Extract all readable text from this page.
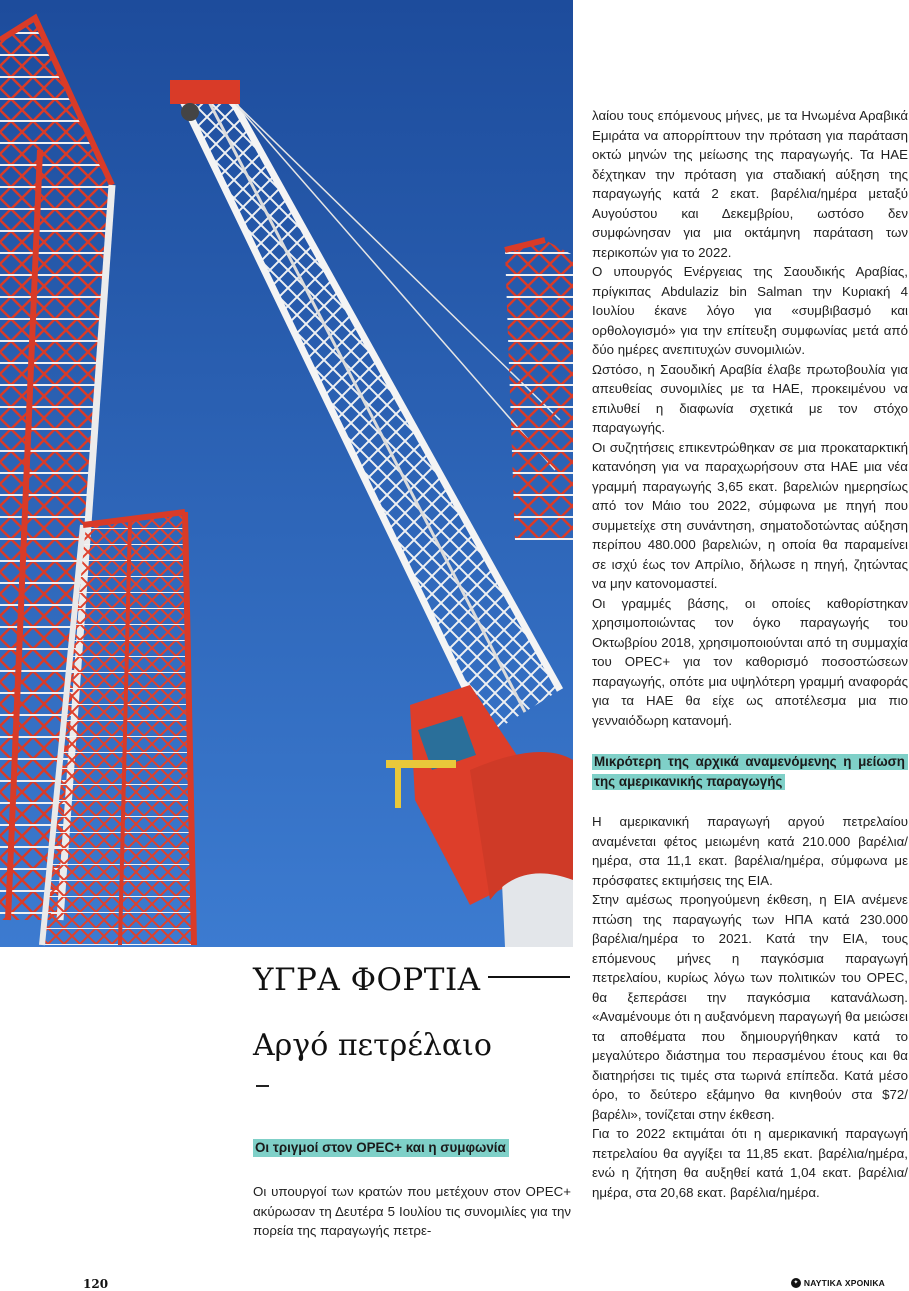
λαίου τους επόμενους μήνες, με τα Ηνωμένα Αραβικά Εμιράτα να απορρίπτουν την πρόταση για παράταση οκτώ μηνών της μείωσης της παραγωγής. Τα ΗΑΕ δέχτηκαν την πρόταση για σταδιακή αύξηση της παραγωγής κατά 2 εκατ. βαρέλια/ημέρα μεταξύ Αυγούστου και Δεκεμβρίου, ωστόσο δεν συμφώνησαν για μια οκτάμηνη παράταση των περικοπών για το 2022.

Ο υπουργός Ενέργειας της Σαουδικής Αραβίας, πρίγκιπας Abdulaziz bin Salman την Κυριακή 4 Ιουλίου έκανε λόγο για «συμβιβασμό και ορθολογισμό» για την επίτευξη συμφωνίας μετά από δύο ημέρες ανεπιτυχών συνομιλιών.

Ωστόσο, η Σαουδική Αραβία έλαβε πρωτοβουλία για απευθείας συνομιλίες με τα ΗΑΕ, προκειμένου να επιλυθεί η διαφωνία σχετικά με τον στόχο παραγωγής.

Οι συζητήσεις επικεντρώθηκαν σε μια προκαταρκτική κατανόηση για να παραχωρήσουν στα ΗΑΕ μια νέα γραμμή παραγωγής 3,65 εκατ. βαρελιών ημερησίως από τον Μάιο του 2022, σύμφωνα με πηγή που συμμετείχε στη συνάντηση, σηματοδοτώντας αύξηση περίπου 480.000 βαρελιών, η οποία θα παραμείνει σε ισχύ έως τον Απρίλιο, δήλωσε η πηγή, ζητώντας να μην κατονομαστεί.

Οι γραμμές βάσης, οι οποίες καθορίστηκαν χρησιμοποιώντας τον όγκο παραγωγής του Οκτωβρίου 2018, χρησιμοποιούνται από τη συμμαχία του OPEC+ για τον καθορισμό ποσοστώσεων παραγωγής, οπότε μια υψηλότερη γραμμή αναφοράς για τα ΗΑΕ θα είχε ως αποτέλεσμα μια πιο γενναιόδωρη κατανομή.

Μικρότερη της αρχικά αναμενόμενης η μείωση της αμερικανικής παραγωγής

Η αμερικανική παραγωγή αργού πετρελαίου αναμένεται φέτος μειωμένη κατά 210.000 βαρέλια/ημέρα, στα 11,1 εκατ. βαρέλια/ημέρα, σύμφωνα με πρόσφατες εκτιμήσεις της ΕΙΑ.

Στην αμέσως προηγούμενη έκθεση, η ΕΙΑ ανέμενε πτώση της παραγωγής των ΗΠΑ κατά 230.000 βαρέλια/ημέρα το 2021. Κατά την ΕΙΑ, τους επόμενους μήνες η παγκόσμια παραγωγή πετρελαίου, κυρίως λόγω των πολιτικών του OPEC, θα ξεπεράσει την παγκόσμια κατανάλωση. «Αναμένουμε ότι η αυξανόμενη παραγωγή θα μειώσει τα αποθέματα που δημιουργήθηκαν κατά το μεγαλύτερο διάστημα του περασμένου έτους και θα διατηρήσει τις τιμές στα τωρινά επίπεδα. Κατά μέσο όρο, το δεύτερο εξάμηνο θα κινηθούν στα $72/βαρέλι», τονίζεται στην έκθεση.

Για το 2022 εκτιμάται ότι η αμερικανική παραγωγή πετρελαίου θα αγγίξει τα 11,85 εκατ. βαρέλια/ημέρα, ενώ η ζήτηση θα αυξηθεί κατά 1,04 εκατ. βαρέλια/ημέρα, στα 20,68 εκατ. βαρέλια/ημέρα.

ΥΓΡΑ ΦΟΡΤΙΑ
Αργό πετρέλαιο
Οι τριγμοί στον OPEC+ και η συμφωνία

Οι υπουργοί των κρατών που μετέχουν στον OPEC+ ακύρωσαν τη Δευτέρα 5 Ιουλίου τις συνομιλίες για την πορεία της παραγωγής πετρε-

120	✦ ΝΑΥΤΙΚΑ ΧΡΟΝΙΚΑ
